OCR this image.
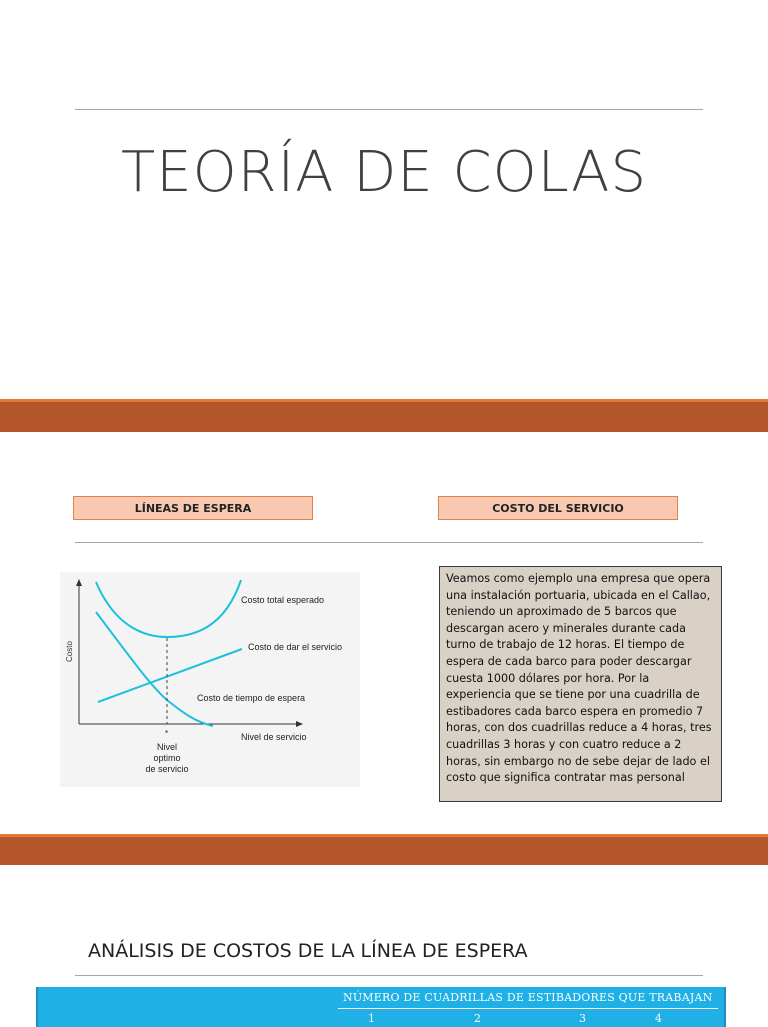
TEORÍA DE COLAS
LÍNEAS DE ESPERA	COSTO DEL SERVICIO
Costo
Nivel de servicio
Costo total esperado
Costo de dar el servicio
Costo de tiempo de espera
*
Nivel
optimo
de servicio
Veamos como ejemplo una empresa que opera una instalación portuaria, ubicada en el Callao, teniendo un aproximado de 5 barcos que descargan acero y minerales durante cada turno de trabajo de 12 horas. El tiempo de espera de cada barco para poder descargar cuesta 1000 dólares por hora. Por la experiencia que se tiene por una cuadrilla de estibadores cada barco espera en promedio 7 horas, con dos cuadrillas reduce a 4 horas, tres cuadrillas 3 horas y con cuatro reduce a 2 horas, sin embargo no de sebe dejar de lado el costo que significa contratar mas personal
ANÁLISIS DE COSTOS DE LA LÍNEA DE ESPERA
NÚMERO DE CUADRILLAS DE ESTIBADORES QUE TRABAJAN
1	2	3	4
